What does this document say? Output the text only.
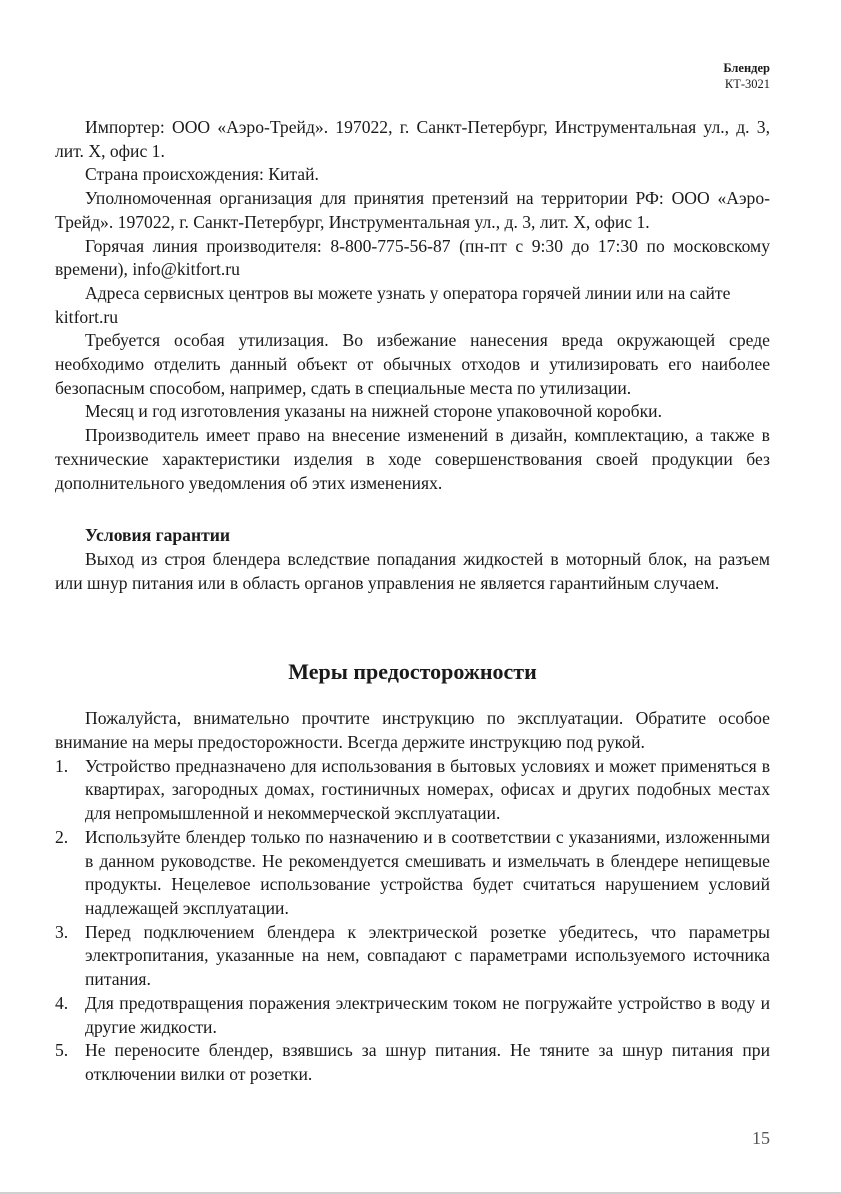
Блендер
КТ-3021

Импортер: ООО «Аэро-Трейд». 197022, г. Санкт-Петербург, Инструментальная ул., д. 3, лит. Х, офис 1.

Страна происхождения: Китай.

Уполномоченная организация для принятия претензий на территории РФ: ООО «Аэро-Трейд». 197022, г. Санкт-Петербург, Инструментальная ул., д. 3, лит. Х, офис 1.

Горячая линия производителя: 8-800-775-56-87 (пн-пт с 9:30 до 17:30 по московскому времени), info@kitfort.ru

Адреса сервисных центров вы можете узнать у оператора горячей линии или на сайте kitfort.ru

Требуется особая утилизация. Во избежание нанесения вреда окружающей среде необходимо отделить данный объект от обычных отходов и утилизировать его наиболее безопасным способом, например, сдать в специальные места по утилизации.

Месяц и год изготовления указаны на нижней стороне упаковочной коробки.

Производитель имеет право на внесение изменений в дизайн, комплектацию, а также в технические характеристики изделия в ходе совершенствования своей продукции без дополнительного уведомления об этих изменениях.

Условия гарантии

Выход из строя блендера вследствие попадания жидкостей в моторный блок, на разъем или шнур питания или в область органов управления не является гарантийным случаем.

Меры предосторожности

Пожалуйста, внимательно прочтите инструкцию по эксплуатации. Обратите особое внимание на меры предосторожности. Всегда держите инструкцию под рукой.

1. Устройство предназначено для использования в бытовых условиях и может применяться в квартирах, загородных домах, гостиничных номерах, офисах и других подобных местах для непромышленной и некоммерческой эксплуатации.
2. Используйте блендер только по назначению и в соответствии с указаниями, изложенными в данном руководстве. Не рекомендуется смешивать и измельчать в блендере непищевые продукты. Нецелевое использование устройства будет считаться нарушением условий надлежащей эксплуатации.
3. Перед подключением блендера к электрической розетке убедитесь, что параметры электропитания, указанные на нем, совпадают с параметрами используемого источника питания.
4. Для предотвращения поражения электрическим током не погружайте устройство в воду и другие жидкости.
5. Не переносите блендер, взявшись за шнур питания. Не тяните за шнур питания при отключении вилки от розетки.
15
